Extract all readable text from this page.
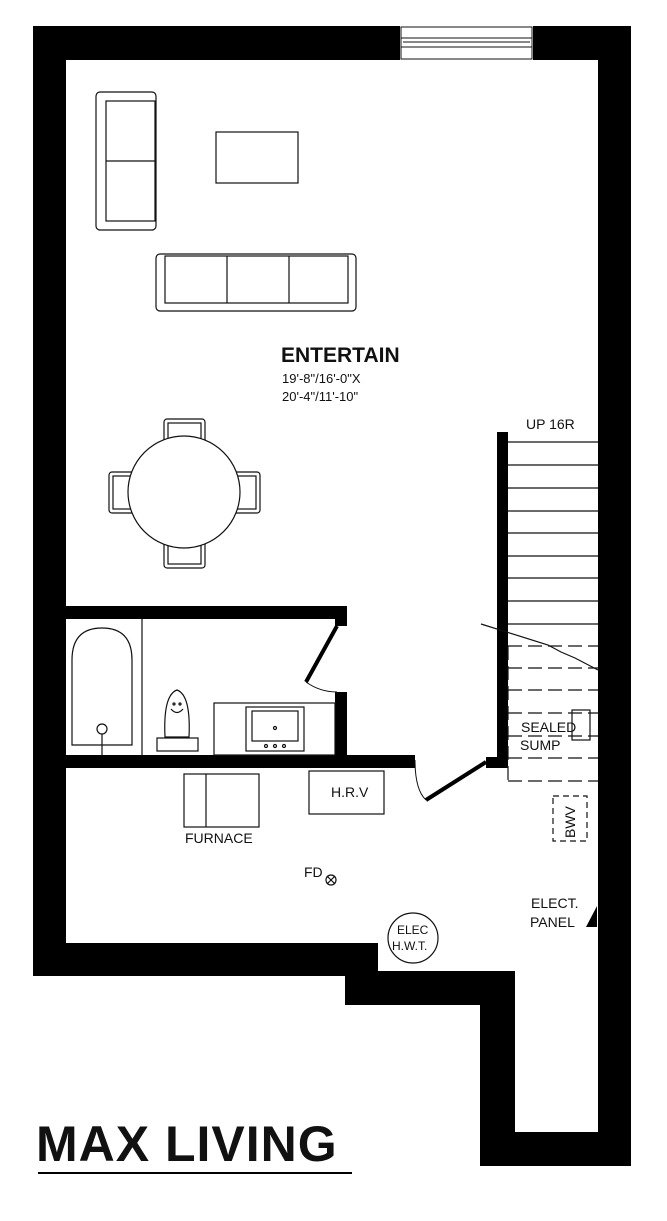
ENTERTAIN
19'-8"/16'-0"X
20'-4"/11'-10"
UP 16R
SEALED
SUMP
H.R.V
FURNACE
FD
BWV
ELECT.
PANEL
ELEC
H.W.T.
MAX LIVING
